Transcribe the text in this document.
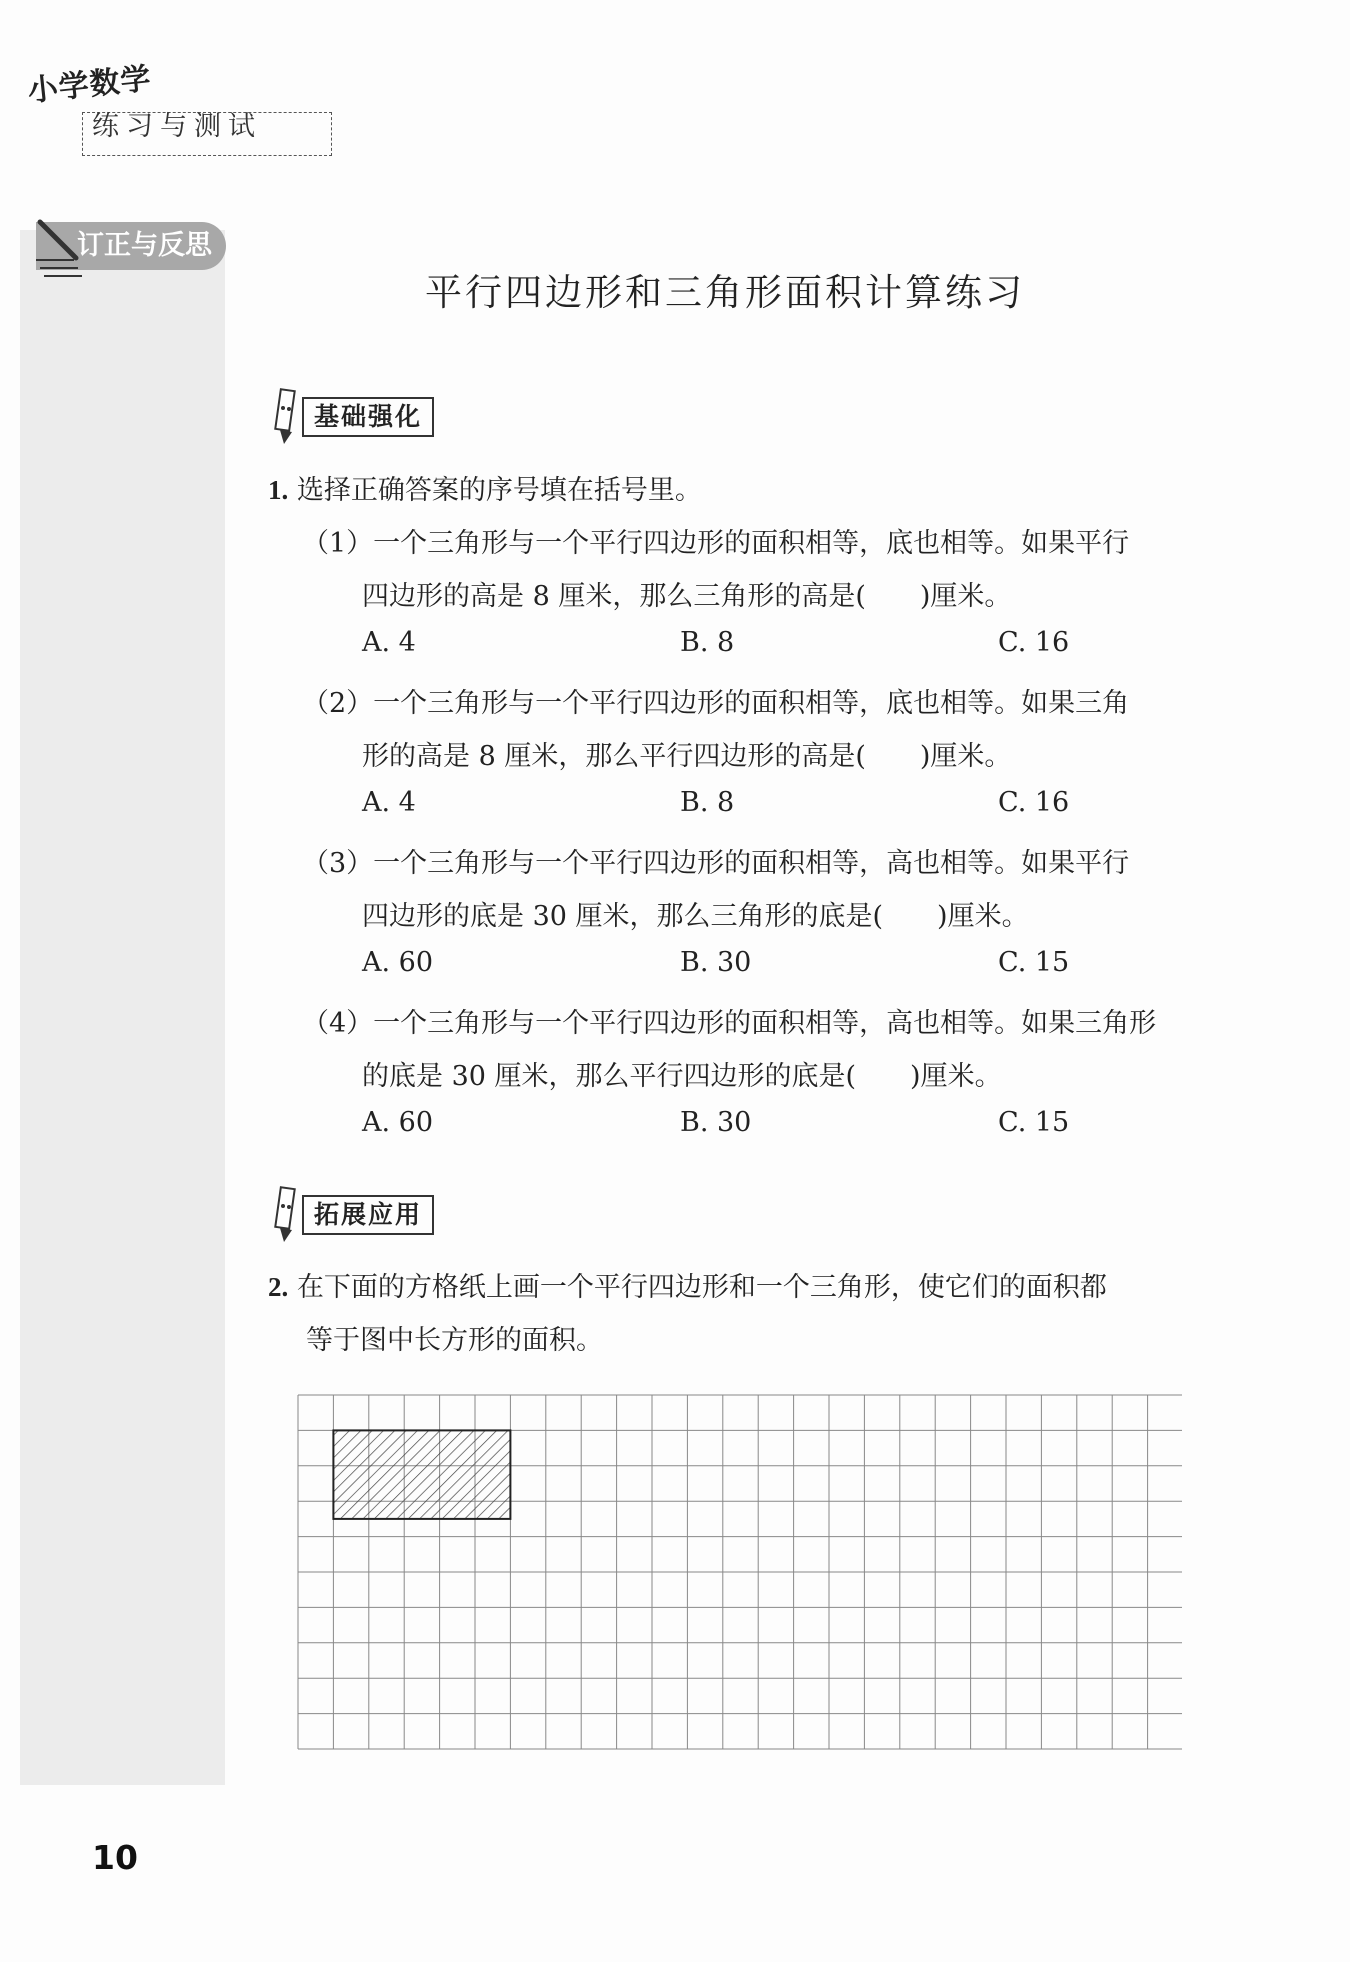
小学数学
练习与测试
订正与反思
平行四边形和三角形面积计算练习
基础强化
1. 选择正确答案的序号填在括号里。
（1）一个三角形与一个平行四边形的面积相等，底也相等。如果平行
四边形的高是 8 厘米，那么三角形的高是(　　)厘米。
A. 4	B. 8	C. 16
（2）一个三角形与一个平行四边形的面积相等，底也相等。如果三角
形的高是 8 厘米，那么平行四边形的高是(　　)厘米。
A. 4	B. 8	C. 16
（3）一个三角形与一个平行四边形的面积相等，高也相等。如果平行
四边形的底是 30 厘米，那么三角形的底是(　　)厘米。
A. 60	B. 30	C. 15
（4）一个三角形与一个平行四边形的面积相等，高也相等。如果三角形
的底是 30 厘米，那么平行四边形的底是(　　)厘米。
A. 60	B. 30	C. 15
拓展应用
2. 在下面的方格纸上画一个平行四边形和一个三角形，使它们的面积都
等于图中长方形的面积。
10
